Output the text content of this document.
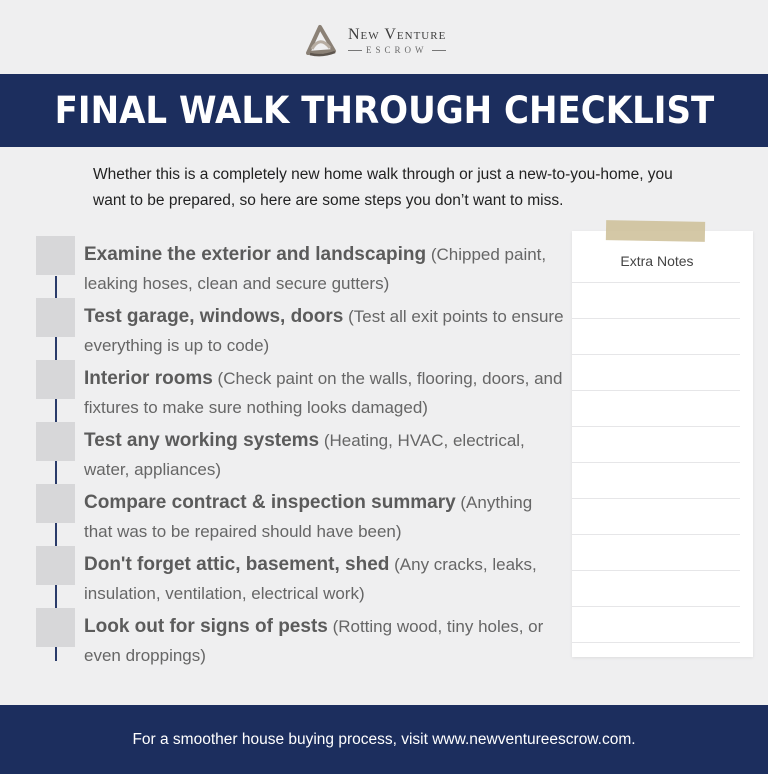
New Venture
ESCROW
FINAL WALK THROUGH CHECKLIST

Whether this is a completely new home walk through or just a new-to-you-home, you want to be prepared, so here are some steps you don’t want to miss.

Examine the exterior and landscaping (Chipped paint, leaking hoses, clean and secure gutters)
Test garage, windows, doors (Test all exit points to ensure everything is up to code)
Interior rooms (Check paint on the walls, flooring, doors, and fixtures to make sure nothing looks damaged)
Test any working systems (Heating, HVAC, electrical, water, appliances)
Compare contract & inspection summary (Anything that was to be repaired should have been)
Don't forget attic, basement, shed (Any cracks, leaks, insulation, ventilation, electrical work)
Look out for signs of pests (Rotting wood, tiny holes, or even droppings)
Extra Notes
For a smoother house buying process, visit www.newventureescrow.com.
